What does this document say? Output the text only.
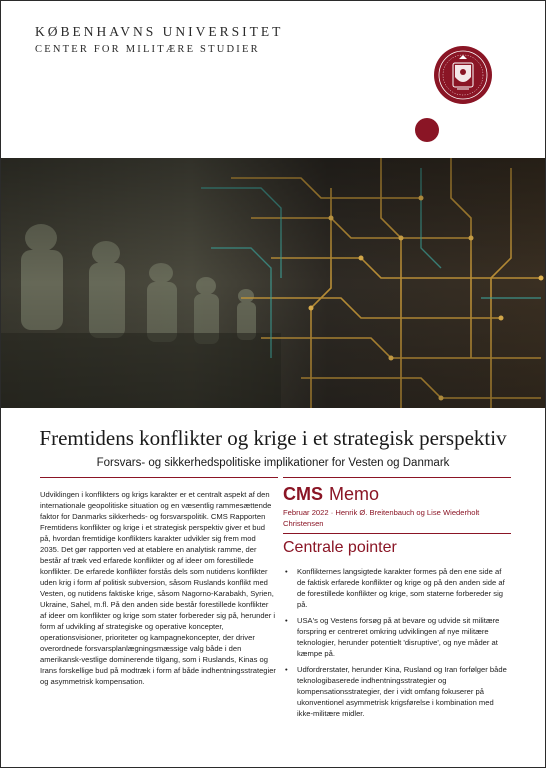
KØBENHAVNS UNIVERSITET
CENTER FOR MILITÆRE STUDIER
Fremtidens konflikter og krige i et strategisk perspektiv
Forsvars- og sikkerhedspolitiske implikationer for Vesten og Danmark
Udviklingen i konflikters og krigs karakter er et centralt aspekt af den internationale geopolitiske situation og en væsentlig rammesættende faktor for Danmarks sikkerheds- og forsvarspolitik. CMS Rapporten Fremtidens konflikter og krige i et strategisk perspektiv giver et bud på, hvordan fremtidige konflikters karakter udvikler sig frem mod 2035. Det gør rapporten ved at etablere en analytisk ramme, der består af træk ved erfarede konflikter og af ideer om forestillede konflikter. De erfarede konflikter forstås dels som nutidens konflikter uden krig i form af politisk subversion, såsom Ruslands konflikt med Vesten, og nutidens faktiske krige, såsom Nagorno-Karabakh, Syrien, Ukraine, Sahel, m.fl. På den anden side består forestillede konflikter af ideer om konflikter og krige som stater forbereder sig på, herunder i form af udvikling af strategiske og operative koncepter, operationsvisioner, prioriteter og kampagnekoncepter, der driver overordnede forsvarsplanlægningsmæssige valg både i den amerikansk-vestlige dominerende tilgang, som i Ruslands, Kinas og Irans forskellige bud på modtræk i form af både indhentningsstrategier og asymmetrisk kompensation.
CMS Memo
Februar 2022 · Henrik Ø. Breitenbauch og Lise Wiederholt Christensen
Centrale pointer
• Konflikternes langsigtede karakter formes på den ene side af de faktisk erfarede konflikter og krige og på den anden side af de forestillede konflikter og krige, som staterne forbereder sig på.
• USA's og Vestens forsøg på at bevare og udvide sit militære forspring er centreret omkring udviklingen af nye militære teknologier, herunder potentielt 'disruptive', og nye måder at kæmpe på.
• Udfordrerstater, herunder Kina, Rusland og Iran forfølger både teknologibaserede indhentningsstrategier og kompensationsstrategier, der i vidt omfang fokuserer på ukonventionel asymmetrisk krigsførelse i kombination med ikke-militære midler.
